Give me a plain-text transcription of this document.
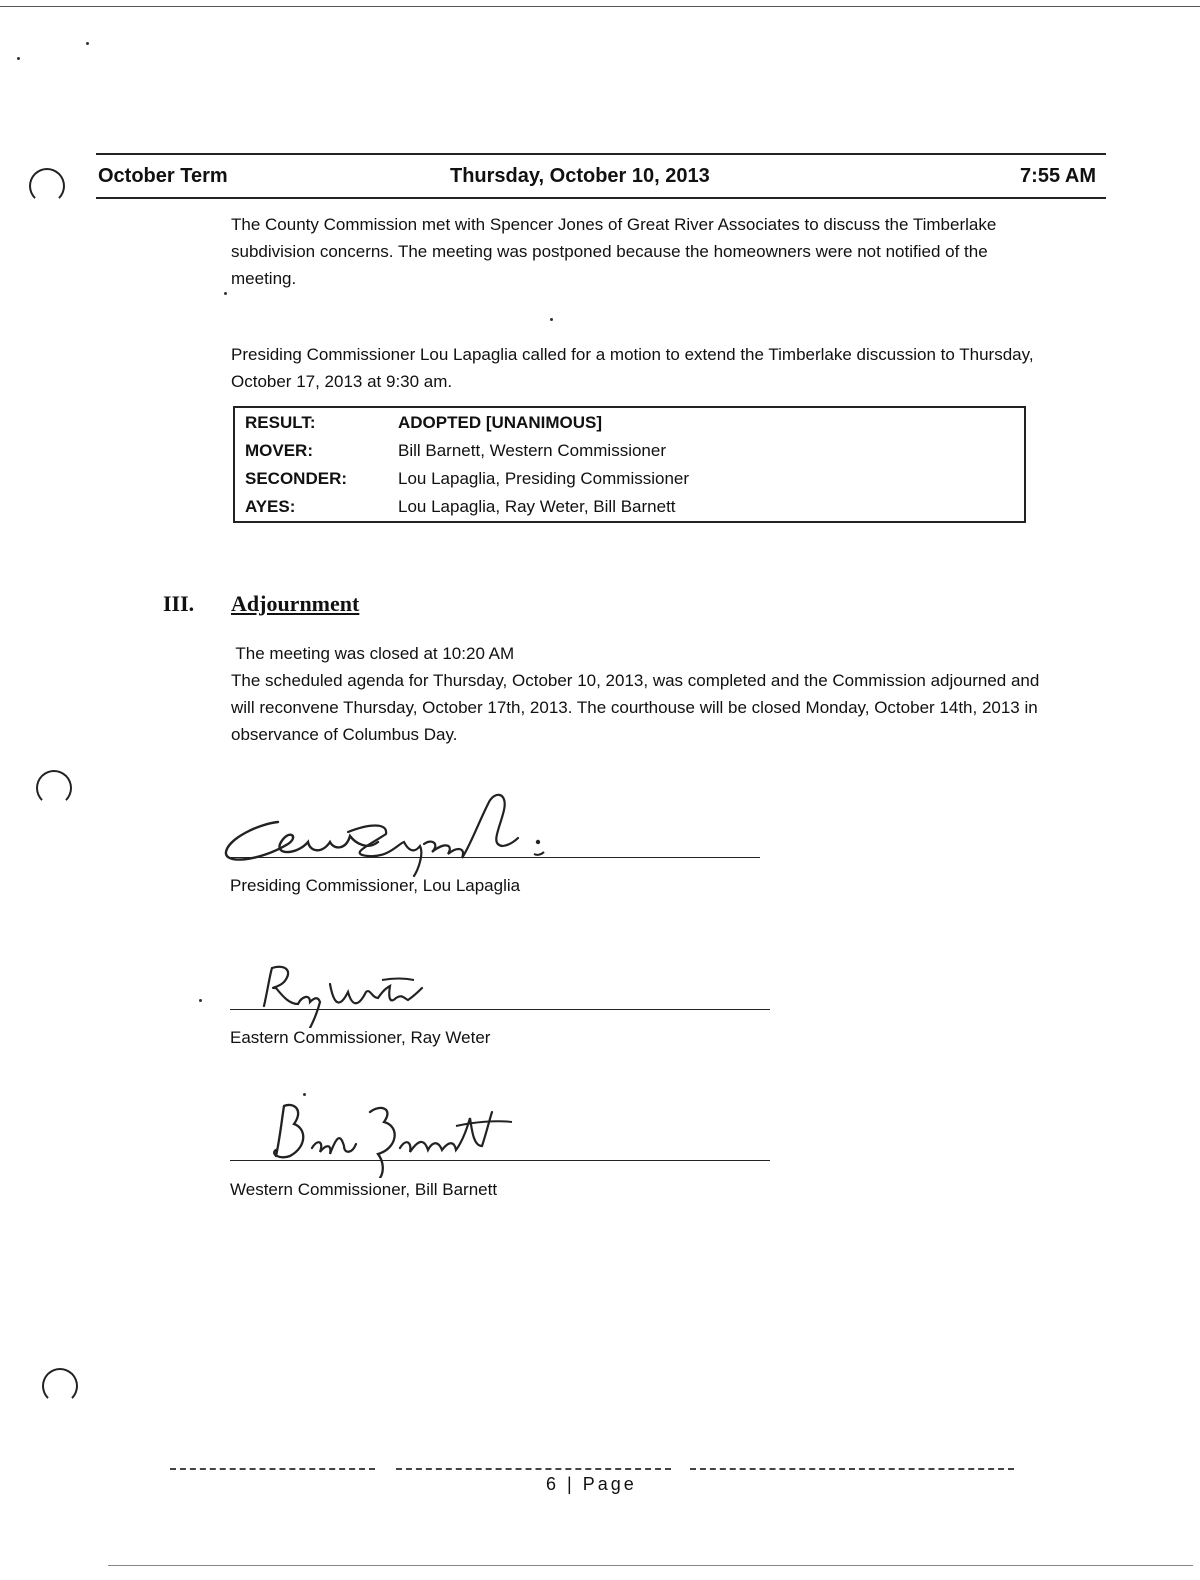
October Term	Thursday, October 10, 2013	7:55 AM

The County Commission met with Spencer Jones of Great River Associates to discuss the Timberlake subdivision concerns. The meeting was postponed because the homeowners were not notified of the meeting.

Presiding Commissioner Lou Lapaglia called for a motion to extend the Timberlake discussion to Thursday, October 17, 2013 at 9:30 am.

RESULT:	ADOPTED [UNANIMOUS]
MOVER:	Bill Barnett, Western Commissioner
SECONDER:	Lou Lapaglia, Presiding Commissioner
AYES:	Lou Lapaglia, Ray Weter, Bill Barnett
III. Adjournment

The meeting was closed at 10:20 AM

The scheduled agenda for Thursday, October 10, 2013, was completed and the Commission adjourned and will reconvene Thursday, October 17th, 2013. The courthouse will be closed Monday, October 14th, 2013 in observance of Columbus Day.

Presiding Commissioner, Lou Lapaglia
Eastern Commissioner, Ray Weter
Western Commissioner, Bill Barnett
6 | Page
